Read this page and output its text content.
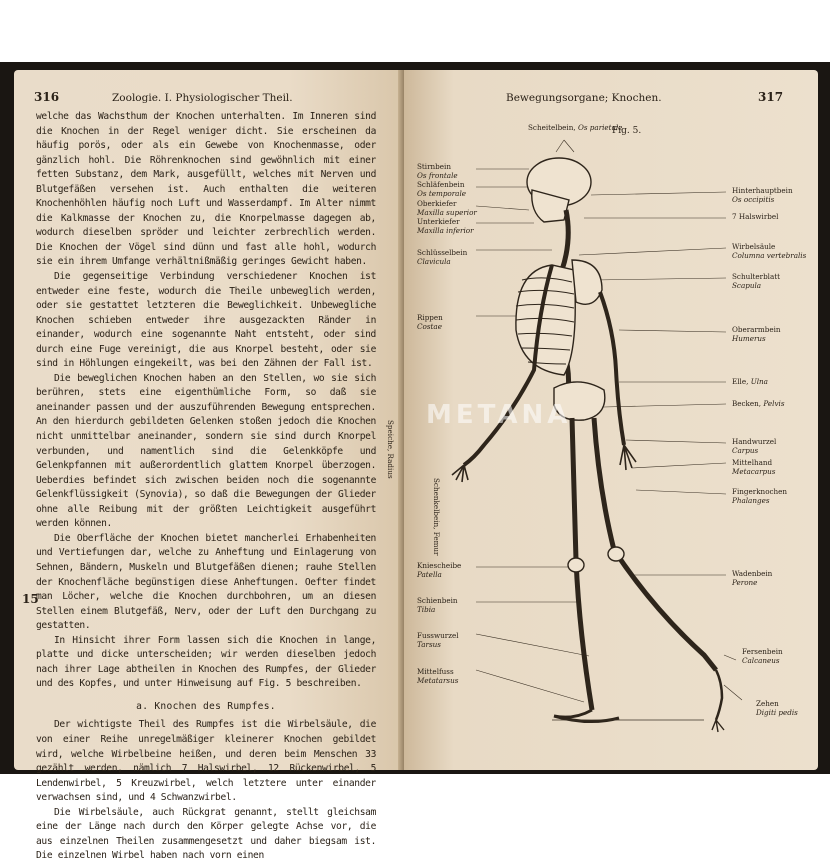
316	Zoologie. I. Physiologischer Theil.

welche das Wachsthum der Knochen unterhalten. Im Inneren sind die Knochen in der Regel weniger dicht. Sie erscheinen da häufig porös, oder als ein Gewebe von Knochenmasse, oder gänzlich hohl. Die Röhrenknochen sind gewöhnlich mit einer fetten Substanz, dem Mark, ausgefüllt, welches mit Nerven und Blutgefäßen versehen ist. Auch enthalten die weiteren Knochenhöhlen häufig noch Luft und Wasserdampf. Im Alter nimmt die Kalkmasse der Knochen zu, die Knorpelmasse dagegen ab, wodurch dieselben spröder und leichter zerbrechlich werden. Die Knochen der Vögel sind dünn und fast alle hohl, wodurch sie ein ihrem Umfange verhältnißmäßig geringes Gewicht haben.

Die gegenseitige Verbindung verschiedener Knochen ist entweder eine feste, wodurch die Theile unbeweglich werden, oder sie gestattet letzteren die Beweglichkeit. Unbewegliche Knochen schieben entweder ihre ausgezackten Ränder in einander, wodurch eine sogenannte Naht entsteht, oder sind durch eine Fuge vereinigt, die aus Knorpel besteht, oder sie sind in Höhlungen eingekeilt, was bei den Zähnen der Fall ist.

Die beweglichen Knochen haben an den Stellen, wo sie sich berühren, stets eine eigenthümliche Form, so daß sie aneinander passen und der auszuführenden Bewegung entsprechen. An den hierdurch gebildeten Gelenken stoßen jedoch die Knochen nicht unmittelbar aneinander, sondern sie sind durch Knorpel verbunden, und namentlich sind die Gelenkköpfe und Gelenkpfannen mit außerordentlich glattem Knorpel überzogen. Ueberdies befindet sich zwischen beiden noch die sogenannte Gelenkflüssigkeit (Synovia), so daß die Bewegungen der Glieder ohne alle Reibung mit der größten Leichtigkeit ausgeführt werden können.

Die Oberfläche der Knochen bietet mancherlei Erhabenheiten und Vertiefungen dar, welche zu Anheftung und Einlagerung von Sehnen, Bändern, Muskeln und Blutgefäßen dienen; rauhe Stellen der Knochenfläche begünstigen diese Anheftungen. Oefter findet man Löcher, welche die Knochen durchbohren, um an diesen Stellen einem Blutgefäß, Nerv, oder der Luft den Durchgang zu gestatten.

In Hinsicht ihrer Form lassen sich die Knochen in lange, platte und dicke unterscheiden; wir werden dieselben jedoch nach ihrer Lage abtheilen in Knochen des Rumpfes, der Glieder und des Kopfes, und unter Hinweisung auf Fig. 5 beschreiben.

a. Knochen des Rumpfes.

Der wichtigste Theil des Rumpfes ist die Wirbelsäule, die von einer Reihe unregelmäßiger kleinerer Knochen gebildet wird, welche Wirbelbeine heißen, und deren beim Menschen 33 gezählt werden, nämlich 7 Halswirbel, 12 Rückenwirbel, 5 Lendenwirbel, 5 Kreuzwirbel, welch letztere unter einander verwachsen sind, und 4 Schwanzwirbel.

Die Wirbelsäule, auch Rückgrat genannt, stellt gleichsam eine der Länge nach durch den Körper gelegte Achse vor, die aus einzelnen Theilen zusammengesetzt und daher biegsam ist. Die einzelnen Wirbel haben nach vorn einen

15
Bewegungsorgane; Knochen.	317
Fig. 5.
Scheitelbein, Os parietale
Stirnbein
Os frontale
Schläfenbein
Os temporale
Oberkiefer
Maxilla superior
Unterkiefer
Maxilla inferior
Schlüsselbein
Clavicula
Rippen
Costae
Kniescheibe
Patella
Schienbein
Tibia
Fusswurzel
Tarsus
Mittelfuss
Metatarsus
Hinterhauptbein
Os occipitis
7 Halswirbel
Wirbelsäule
Columna vertebralis
Schulterblatt
Scapula
Oberarmbein
Humerus
Elle, Ulna
Becken, Pelvis
Handwurzel
Carpus
Mittelhand
Metacarpus
Fingerknochen
Phalanges
Wadenbein
Perone
Fersenbein
Calcaneus
Zehen
Digiti pedis
Speiche, Radius
Schenkelbein, Femur
METANA
